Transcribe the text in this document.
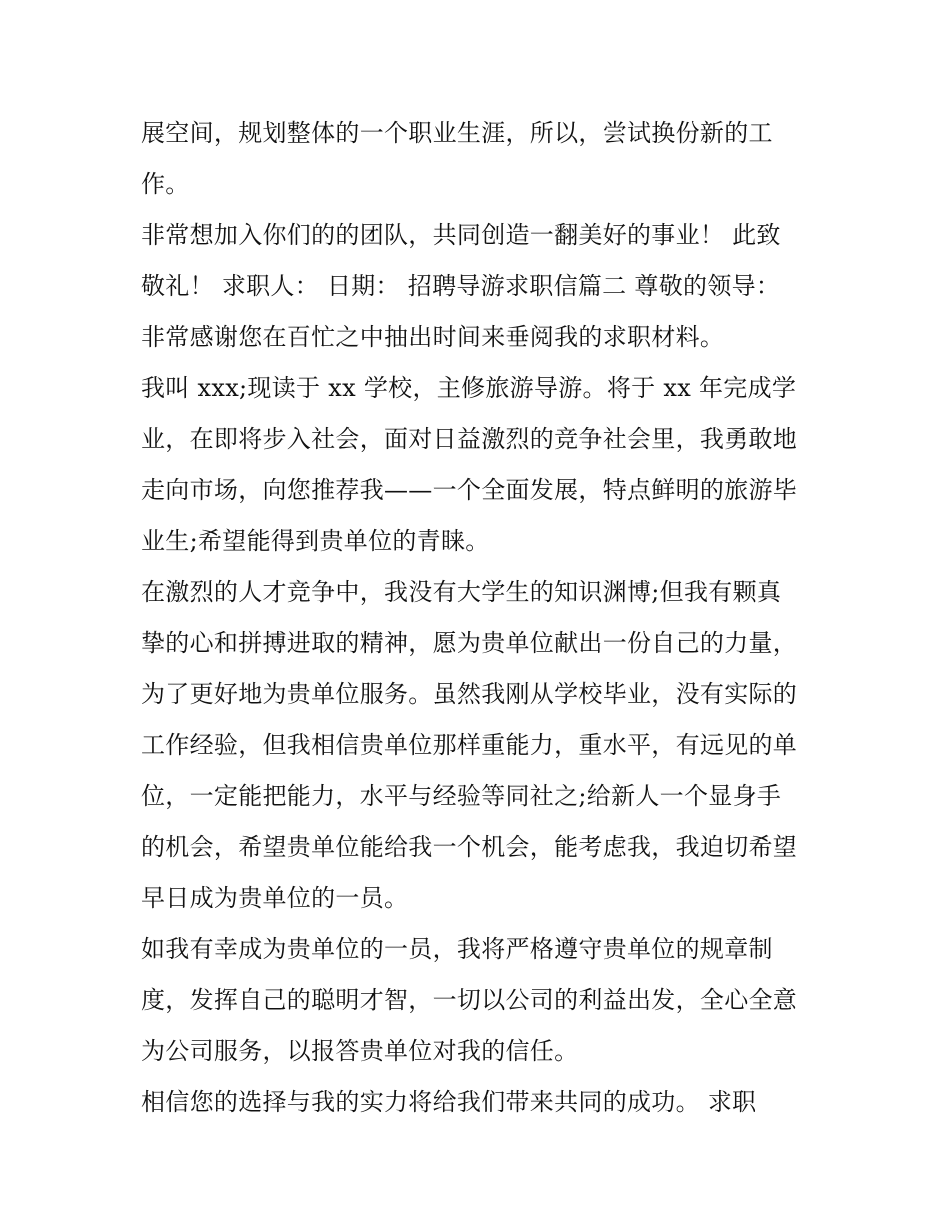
展空间，规划整体的一个职业生涯，所以，尝试换份新的工
作。
非常想加入你们的的团队，共同创造一翻美好的事业！ 此致
敬礼！ 求职人： 日期： 招聘导游求职信篇二 尊敬的领导：
非常感谢您在百忙之中抽出时间来垂阅我的求职材料。
我叫 xxx;现读于 xx 学校，主修旅游导游。将于 xx 年完成学
业，在即将步入社会，面对日益激烈的竞争社会里，我勇敢地
走向市场，向您推荐我——一个全面发展，特点鲜明的旅游毕
业生;希望能得到贵单位的青睐。
在激烈的人才竞争中，我没有大学生的知识渊博;但我有颗真
挚的心和拼搏进取的精神，愿为贵单位献出一份自己的力量，
为了更好地为贵单位服务。虽然我刚从学校毕业，没有实际的
工作经验，但我相信贵单位那样重能力，重水平，有远见的单
位，一定能把能力，水平与经验等同社之;给新人一个显身手
的机会，希望贵单位能给我一个机会，能考虑我，我迫切希望
早日成为贵单位的一员。
如我有幸成为贵单位的一员，我将严格遵守贵单位的规章制
度，发挥自己的聪明才智，一切以公司的利益出发，全心全意
为公司服务，以报答贵单位对我的信任。
相信您的选择与我的实力将给我们带来共同的成功。 求职
